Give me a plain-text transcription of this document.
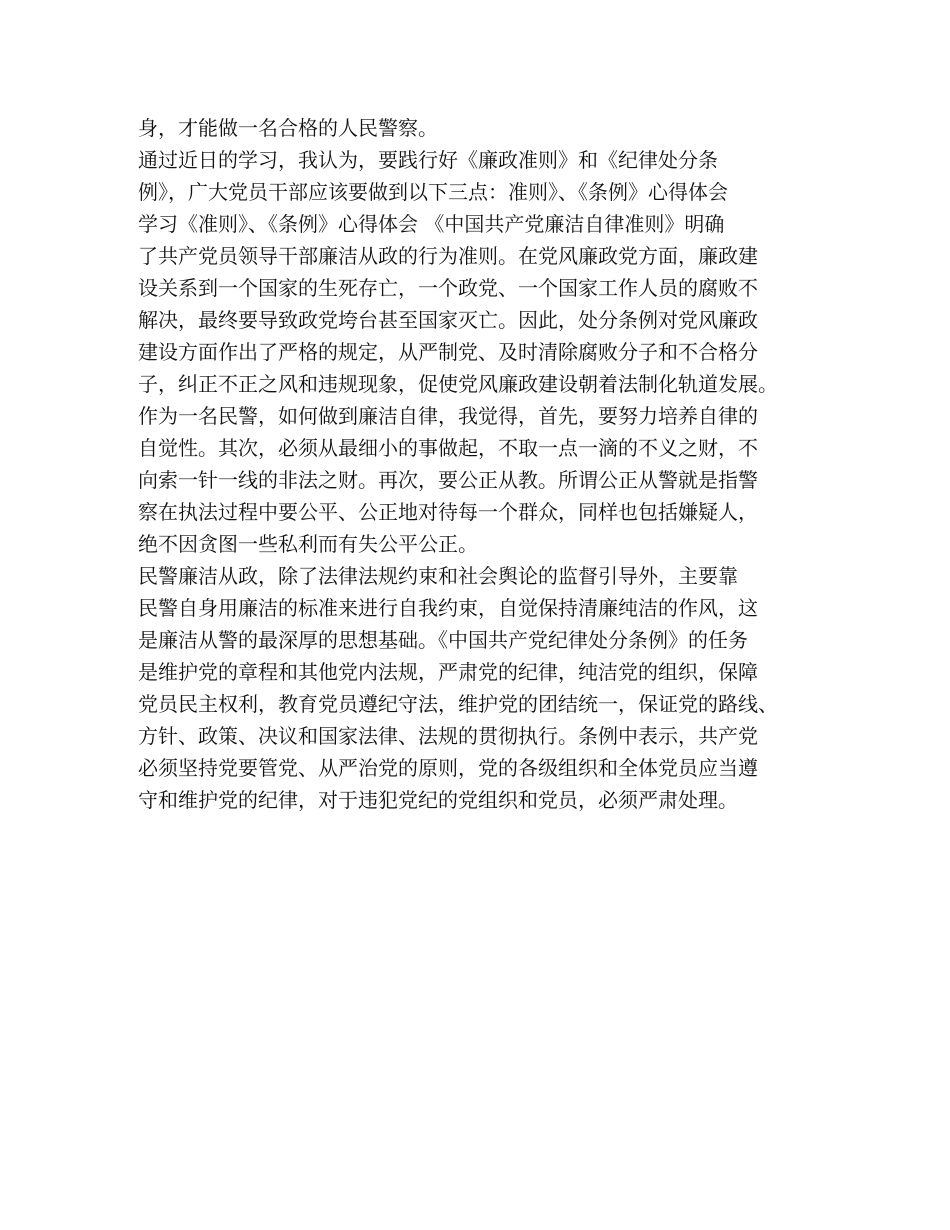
身，才能做一名合格的人民警察。
通过近日的学习，我认为，要践行好《廉政准则》和《纪律处分条
例》，广大党员干部应该要做到以下三点：准则》、《条例》心得体会
学习《准则》、《条例》心得体会 《中国共产党廉洁自律准则》明确
了共产党员领导干部廉洁从政的行为准则。在党风廉政党方面，廉政建
设关系到一个国家的生死存亡，一个政党、一个国家工作人员的腐败不
解决，最终要导致政党垮台甚至国家灭亡。因此，处分条例对党风廉政
建设方面作出了严格的规定，从严制党、及时清除腐败分子和不合格分
子，纠正不正之风和违规现象，促使党风廉政建设朝着法制化轨道发展。
作为一名民警，如何做到廉洁自律，我觉得，首先，要努力培养自律的
自觉性。其次，必须从最细小的事做起，不取一点一滴的不义之财，不
向索一针一线的非法之财。再次，要公正从教。所谓公正从警就是指警
察在执法过程中要公平、公正地对待每一个群众，同样也包括嫌疑人，
绝不因贪图一些私利而有失公平公正。
民警廉洁从政，除了法律法规约束和社会舆论的监督引导外，主要靠
民警自身用廉洁的标准来进行自我约束，自觉保持清廉纯洁的作风，这
是廉洁从警的最深厚的思想基础。《中国共产党纪律处分条例》的任务
是维护党的章程和其他党内法规，严肃党的纪律，纯洁党的组织，保障
党员民主权利，教育党员遵纪守法，维护党的团结统一，保证党的路线、
方针、政策、决议和国家法律、法规的贯彻执行。条例中表示，共产党
必须坚持党要管党、从严治党的原则，党的各级组织和全体党员应当遵
守和维护党的纪律，对于违犯党纪的党组织和党员，必须严肃处理。
